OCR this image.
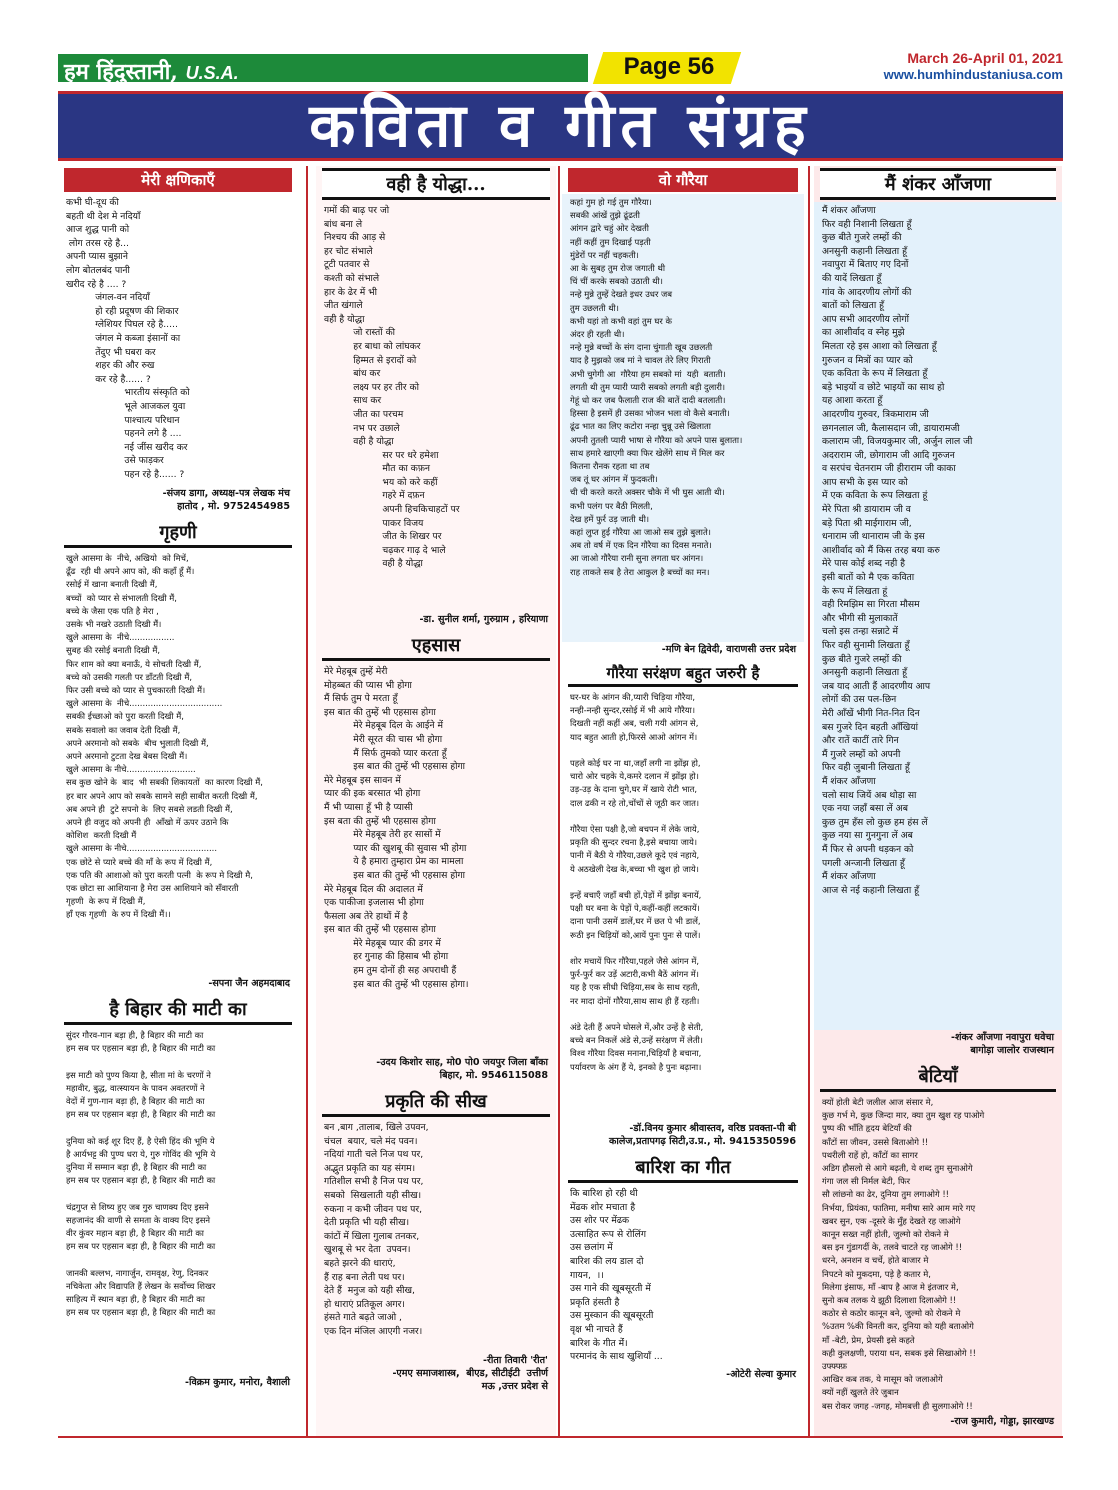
हम हिंदुस्तानी, U.S.A.	Page 56	March 26-April 01, 2021
www.humhindustaniusa.com
कविता व गीत संग्रह
मेरी क्षणिकाएँ
कभी घी-दूध की
बहती थी देश मे नदियाँ
आज शुद्ध पानी को
लोग तरस रहे है...
अपनी प्यास बुझाने
लोग बोतलबंद पानी
खरीद रहे है .... ?
जंगल-वन नदियाँ
हो रही प्रदूषण की शिकार
ग्लेशियर पिघल रहे है.....
जंगल मे कब्जा इंसानों का
तेंदुए भी घबरा कर
शहर की और रुख
कर रहे है...... ?
भारतीय संस्कृति को
भूले आजकल युवा
पाश्चात्य परिधान
पहनने लगे है ....
नई जींस खरीद कर
उसे फाड़कर
पहन रहे है...... ?
-संजय डागा, अध्यक्ष-पत्र लेखक मंच
हातोद , मो. 9752454985
गृहणी
खुले आसमा के  नीचे, अखियो  को मिचें,
ढूँढ  रही थी अपने आप को, की कहाँ हूँ मैं।
रसोई में खाना बनाती दिखी मैं,
बच्चों  को प्यार से संभालती दिखी मैं,
बच्चे के जैसा एक पति है मेरा ,
उसके भी नखरे उठाती दिखी मैं।
खुले आसमा के  नीचे.................
सुबह की रसोई बनाती दिखी मैं,
फिर शाम को क्या बनाऊँ, ये सोचती दिखी मैं,
बच्चे को उसकी गलती पर डाँटती दिखी मैं,
फिर उसी बच्चे को प्यार से पुचकारती दिखी मैं।
खुले आसमा के  नीचे...................................
सबकी ईच्छाओ को पुरा करती दिखी मैं,
सबके सवालो का जवाब देती दिखी मैं,
अपने अरमानो को सबके  बीच भुलाती दिखी मैं,
अपने अरमानो टुटता देख बेबस दिखी मैं।
खुले आसमा के नीचे..........................
सब कुछ खोने के  बाद  भी सबकी शिकायतों  का कारण दिखी मैं,
हर बार अपने आप को सबके सामने सही साबीत करती दिखी मैं,
अब अपने ही  टुटे सपनो के  लिए सबसे लडती दिखी मैं,
अपने ही वजुद को अपनी ही  आँखो में ऊपर उठाने कि
कोशिश  करती दिखी मैं
खुले आसमा के नीचे..................................
एक छोटे से प्यारे बच्चे की माँ के रूप में दिखी मैं,
एक पति की आशाओ को पुरा करती पत्नी  के रूप मे दिखी मै,
एक छोटा सा आशियाना है मेरा उस आशियाने को सँवारती
गृहणी  के रूप में दिखी मैं,
हाँ एक गृहणी  के रुप में दिखी मैं।।
-सपना जैन अहमदाबाद
है बिहार की माटी का
सुंदर गौरव-गान बड़ा ही, है बिहार की माटी का
हम सब पर एहसान बड़ा ही, है बिहार की माटी का

इस माटी को पुण्य किया है, सीता मां के चरणों ने
महावीर, बुद्ध, वात्स्यायन के पावन अवतरणों ने
वेदों में गुण-गान बड़ा ही, है बिहार की माटी का
हम सब पर एहसान बड़ा ही, है बिहार की माटी का

दुनिया को कई शूर दिए हैं, है ऐसी हिंद की भूमि ये
है आर्यभट्ट की पुण्य धरा ये, गुरु गोविंद की भूमि ये
दुनिया में सम्मान बड़ा ही, है बिहार की माटी का
हम सब पर एहसान बड़ा ही, है बिहार की माटी का

चंद्रगुप्त से शिष्य हुए जब गुरु चाणक्य दिए इसने
सहजानंद की वाणी से समता के वाक्य दिए इसने
वीर कुंवर महान बड़ा ही, है बिहार की माटी का
हम सब पर एहसान बड़ा ही, है बिहार की माटी का

जानकी बल्लभ, नागार्जुन, रामवृक्ष, रेणु, दिनकर
नचिकेता और विद्यापति हैं लेखन के सर्वोच्च शिखर
साहित्य में स्थान बड़ा ही, है बिहार की माटी का
हम सब पर एहसान बड़ा ही, है बिहार की माटी का
-विक्रम कुमार, मनोरा, वैशाली
वही है योद्धा...
गमों की बाढ़ पर जो
बांध बना ले
निश्चय की आड़ से
हर चोट संभाले
टूटी पतवार से
कश्ती को संभाले
हार के ढेर में भी
जीत खंगाले
वही है योद्धा
जो रास्तों की
हर बाधा को लांघकर
हिम्मत से इरादों को
बांध कर
लक्ष्य पर हर तीर को
साध कर
जीत का परचम
नभ पर उछाले
वही है योद्धा
सर पर धरे हमेशा
मौत का कफ़न
भय को करे कहीं
गहरे में दफ़न
अपनी हिचकिचाहटों पर
पाकर विजय
जीत के शिखर पर
चढ़कर गाढ़ दे भाले
वही है योद्धा
-डा. सुनील शर्मा, गुरुग्राम , हरियाणा
एहसास
मेरे मेहबूब तुम्हें मेरी
मोहब्बत की प्यास भी होगा
मैं सिर्फ तुम पे मरता हूँ
इस बात की तुम्हें भी एहसास होगा
मेरे मेहबूब दिल के आईने में
मेरी सूरत की चास भी होगा
मैं सिर्फ तुमको प्यार करता हूँ
इस बात की तुम्हें भी एहसास होगा
मेरे मेहबूब इस सावन में
प्यार की इक बरसात भी होगा
मैं भी प्यासा हूँ भी है प्यासी
इस बता की तुम्हें भी एहसास होगा
मेरे मेहबूब तेरी हर सासों में
प्यार की खुशबू की सुवास भी होगा
ये है हमारा तुम्हारा प्रेम का मामला
इस बात की तुम्हें भी एहसास होगा
मेरे मेहबूब दिल की अदालत में
एक पाकीजा इजलास भी होगा
फैसला अब तेरे हाथों में है
इस बात की तुम्हें भी एहसास होगा
मेरे मेहबूब प्यार की डगर में
हर गुनाह की हिसाब भी होगा
हम तुम दोनों ही सह अपराधी हैं
इस बात की तुम्हें भी एहसास होगा।
-उदय किशोर साह, मो0 पो0 जयपुर जिला बाँका
बिहार, मो. 9546115088
प्रकृति की सीख
बन ,बाग ,तालाब, खिले उपवन,
चंचल  बयार, चले मंद पवन।
नदियां गाती चले निज पथ पर,
अद्भुत प्रकृति का यह संगम।
गतिशील सभी है निज पथ पर,
सबको  सिखलाती यही सीख।
रुकना न कभी जीवन पथ पर,
देती प्रकृति भी यही सीख।
कांटों में खिला गुलाब तनकर,
खुशबू से भर देता  उपवन।
बहते झरने की धाराएं,
हैं राह बना लेती पथ पर।
देते हैं  मनुज को यही सीख,
हो धाराएं प्रतिकूल अगर।
हंसते गाते बढ़ते जाओ ,
एक दिन मंजिल आएगी नजर।
-रीता तिवारी 'रीत'
-एमए समाजशास्त्र,  बीएड, सीटीईटी  उत्तीर्ण
मऊ ,उत्तर प्रदेश से
वो गौरैया
कहां गुम हो गई तुम गौरैया।
सबकी आंखें तुझे ढूंढती
आंगन द्वारे चहुं ओर देखती
नहीं कहीं तुम दिखाई पड़ती
मुंडेरों पर नहीं चहकती।
आ के सुबह तुम रोज जगाती थी
चिं चीं करके सबको उठाती थी।
नन्हे मुन्ने तुम्हें देखते इधर उधर जब
तुम उछलती थी।
कभी यहां तो कभी वहां तुम घर के
अंदर ही रहती थी।
नन्हे मुन्ने बच्चों के संग दाना चुंगाती खूब उछलती
याद है मुझको जब मां ने चावल तेरे लिए गिराती
अभी चुगेगी आ  गौरैया हम सबको मां  यही  बताती।
लगती थी तुम प्यारी प्यारी सबको लगती बड़ी दुलारी।
गेहूं धो कर जब फैलाती राज की बातें दादी बतलाती।
हिस्सा है इसमें ही उसका भोजन भला वो कैसे बनाती।
ढूंढ भात का लिए कटोरा नन्हा चुन्नू उसे खिलाता
अपनी तुतली प्यारी भाषा से गौरैया को अपने पास बुलाता।
साथ हमारे खाएगी क्या फिर खेलेंगे साथ में मिल कर
कितना रौनक रहता था तब
जब तूं घर आंगन में फुदकती।
ची ची करते करते अक्सर चौके में भी घुस आती थी।
कभी पलंग पर बैठी मिलती,
देख हमें फुर्र उड़ जाती थी।
कहां लुप्त हुई गौरैया आ जाओ सब तुझे बुलाते।
अब तो वर्ष में एक दिन गौरैया का दिवस मनाते।
आ जाओ गौरैया रानी सुना लगता घर आंगन।
राह ताकते सब है तेरा आकुल है बच्चों का मन।
-मणि बेन द्विवेदी, वाराणसी उत्तर प्रदेश
गौरैया सरंक्षण बहुत जरुरी है
घर-घर के आंगन की,प्यारी चिड़िया गौरैया,
नन्ही-नन्ही सुन्दर,रसोई में भी आये गौरैया।
दिखती नहीं कहीं अब, चली गयी आंगन से,
याद बहुत आती हो,फिरसे आओ आंगन में।

पहले कोई घर ना था,जहाँ लगी ना झोंझ हो,
चारो ओर चहके ये,कमरे दलान में झोंझ हो।
उड़-उड़ के दाना चुगे,घर में खाये रोटी भात,
दाल ढकी न रहे तो,चोंचों से जूठी कर जात।

गौरैया ऐसा पक्षी है,जो बचपन में लेके जाये,
प्रकृति की सुन्दर रचना है,इसे बचाया जाये।
पानी में बैठी ये गौरैया,उछले कूदे एवं नहाये,
ये अठखेली देख के,बच्चा भी खुश हो जाये।

इन्हें बचाएँ जहाँ बची हों,पेड़ों में झोंझ बनायें,
पक्षी घर बना के पेड़ों पे,कहीं-कहीं लटकायें।
दाना पानी उसमें डालें,घर में छत पे भी डालें,
रूठी इन चिड़ियों को,आयें पुनः पुनः से पालें।

शोर मचायें फिर गौरैया,पहले जैसे आंगन में,
फुर्र-फुर्र कर उड़ें अटारी,कभी बैठें आंगन में।
यह है एक सीधी चिड़िया,सब के साथ रहती,
नर मादा दोनों गौरैया,साथ साथ ही हैं रहती।

अंडे देती हैं अपने घोसले में,और उन्हें है सेती,
बच्चे बन निकलें अंडे से,उन्हें सरंक्षण में लेती।
विश्व गौरैया दिवस मनाना,चिड़ियाँ है बचाना,
पर्यावरण के अंग हैं ये, इनको है पुनः बढ़ाना।
-डॉ.विनय कुमार श्रीवास्तव, वरिष्ठ प्रवक्ता-पी बी
कालेज,प्रतापगढ़ सिटी,उ.प्र., मो. 9415350596
बारिश का गीत
कि बारिश हो रही थी
मेंढक शोर मचाता है
उस शोर पर मेंढक
उत्साहित रूप से रोलिंग
उस छलांग में
बारिश की लय डाल दो
गायन,  ।।
उस गाने की खूबसूरती में
प्रकृति हंसती है
उस मुस्कान की खूबसूरती
वृक्ष भी नाचते हैं
बारिश के गीत मेंं।
परमानंद के साथ खुशियाँ ...
-ओटेरी सेल्वा कुमार
मैं शंकर आँजणा
मैं शंकर आँजणा
फिर वही निशानी लिखता हूँ
कुछ बीते गुजरे लम्हों की
अनसुनी कहानी लिखता हूँ
नवापुरा में बिताए गए दिनों
की यादें लिखता हूँ
गांव के आदरणीय लोगों की
बातों को लिखता हूँ
आप सभी आदरणीय लोगों
का आशीर्वाद व स्नेह मुझे
मिलता रहे इस आशा को लिखता हूँ
गुरुजन व मित्रों का प्यार को
एक कविता के रूप में लिखता हूँ
बड़े भाइयों व छोटे भाइयों का साथ हो
यह आशा करता हूँ
आदरणीय गुरुवर, त्रिकमाराम जी
छगनलाल जी, कैलासदान जी, डायारामजी
कलाराम जी, विजयकुमार जी, अर्जुन लाल जी
अदराराम जी, छोगाराम जी आदि गुरुजन
व सरपंच चेतनराम जी हीराराम जी काका
आप सभी के इस प्यार को
में एक कविता के रूप लिखता हूं
मेरे पिता श्री डायाराम जी व
बड़े पिता श्री माईगाराम जी,
धनाराम जी थानाराम जी के इस
आशीर्वाद को मैं किस तरह बया करु
मेरे पास कोई शब्द नही है
इसी बातों को मै एक कविता
के रूप में लिखता हूं
वही रिमझिम सा गिरता मौसम
और भीगी सी मुलाकातें
चलो इस तन्हा सन्नाटे में
फिर वही सुनामी लिखता हूँ
कुछ बीते गुजरे लम्हों की
अनसुनी कहानी लिखता हूँ
जब याद आती हैं आदरणीय आप
लोगों की उस पल-छिन
मेरी आँखें भीगी नित-नित दिन
बस गुजरे दिन बहती आँखियां
और रातें काटीं तारे गिन
मैं गुजरे लम्हों को अपनी
फिर वही जुबानी लिखता हूँ
मैं शंकर आँजणा
चलो साथ जियें अब थोड़ा सा
एक नया जहाँ बसा लें अब
कुछ तुम हँस लो कुछ हम हंस लें
कुछ नया सा गुनगुना लें अब
मैं फिर से अपनी धड़कन को
पगली अन्जानी लिखता हूँ
मैं शंकर आँजणा
आज से नई कहानी लिखता हूँ
-शंकर आँजणा नवापुरा धवेचा
बागोड़ा जालोर राजस्थान
बेटियाँ
क्यों होती बेटी जलील आज संसार मे,
कुछ गर्भ मे, कुछ जिन्दा मार, क्या तुम खुश रह पाओगे
पुष्प की भाँति हृदय बेटियाँ की
काँटों सा जीवन, उससे बिताओगे !!
पथरीली राहें हो, काँटों का सागर
अडिग हौसलो से आगे बढ़ती, ये शब्द तुम सुनाओगे
गंगा जल सी निर्मल बेटी, फिर
सौ लांछनो का ढेर, दुनिया तुम लगाओगे !!
निर्भया, प्रियंका, फातिमा, मनीषा सारे आम मारे गए
खबर सुन, एक -दूसरे के मुँह देखते रह जाओगे
कानून सख्त नहीं होती, जुल्मो को रोकने मे
बस इन गुंडागर्दी के, तलवे चाटते रह जाओगे !!
धरने, अनशन व चर्चे, होते बाजार मे
निपटने को मुकदमा, पड़े है कतार मे,
मिलेगा इंसाफ, माँ -बाप है आज मे इंतजार मे,
सुनो कब तलक ये झूठी दिलाशा दिलाओगे !!
कठोर से कठोर कानून बने, जुल्मो को रोकने मे
%उतम %की विनती कर, दुनिया को यही बताओगे
माँ -बेटी, प्रेम, प्रेयसी इसे कहते
कही कुलक्षणी, पराया धन, सबक इसे सिखाओगे !!
उफ्फ्फ्फ़
आखिर कब तक, ये मासूम को जलाओगे
क्यों नहीं खुलते तेरे जुबान
बस रोकर जगह -जगह, मोमबत्ती ही सुलगाओगे !!
-राज कुमारी, गोड्डा, झारखण्ड
